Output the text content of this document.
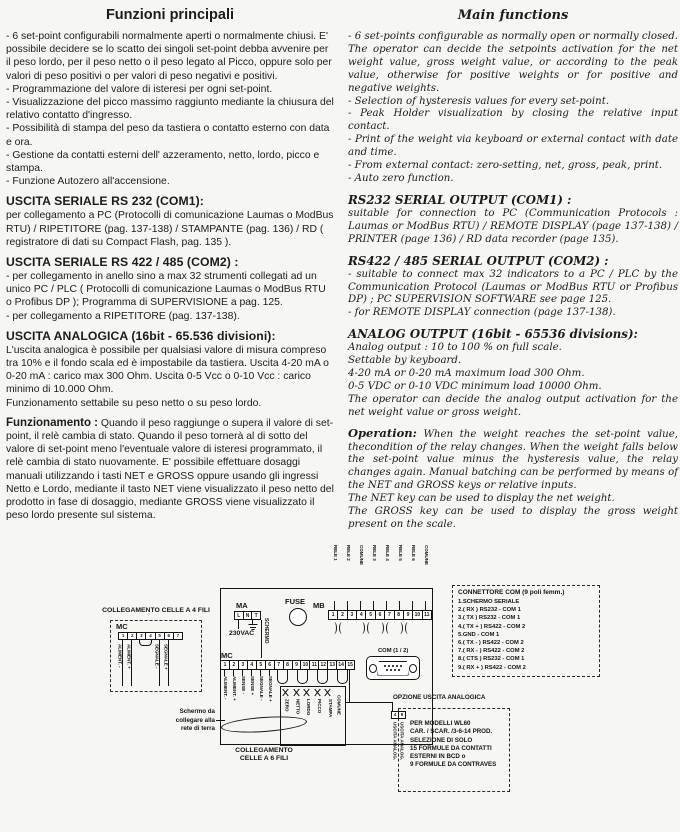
Funzioni principali

- 6 set-point configurabili normalmente aperti o normalmente chiusi. E' possibile decidere se lo scatto dei singoli set-point debba avvenire per il peso lordo, per il peso netto o il peso legato al Picco, oppure solo per valori di peso positivi o per valori di peso negativi e positivi.

- Programmazione del valore di isteresi per ogni set-point.

- Visualizzazione del picco massimo raggiunto mediante la chiusura del relativo contatto d'ingresso.

- Possibilità di stampa del peso da tastiera o contatto esterno con data e ora.

- Gestione da contatti esterni dell' azzeramento, netto, lordo, picco e stampa.

- Funzione Autozero all'accensione.

USCITA SERIALE RS 232 (COM1):

per collegamento a PC (Protocolli di comunicazione Laumas o ModBus RTU) / RIPETITORE (pag. 137-138) / STAMPANTE (pag. 136) / RD ( registratore di dati su Compact Flash, pag. 135 ).

USCITA SERIALE RS 422 / 485 (COM2) :

- per collegamento in anello sino a max 32 strumenti collegati ad un unico PC / PLC ( Protocolli di comunicazione Laumas o ModBus RTU o Profibus DP ); Programma di SUPERVISIONE a pag. 125.

- per collegamento a RIPETITORE (pag. 137-138).

USCITA ANALOGICA (16bit - 65.536 divisioni):

L'uscita analogica è possibile per qualsiasi valore di misura compreso tra 10% e il fondo scala ed è impostabile da tastiera. Uscita 4-20 mA o 0-20 mA : carico max 300 Ohm. Uscita 0-5 Vcc o 0-10 Vcc : carico minimo di 10.000 Ohm.

Funzionamento settabile su peso netto o su peso lordo.

Funzionamento : Quando il peso raggiunge o supera il valore di set-point, il relè cambia di stato. Quando il peso tornerà al di sotto del valore di set-point meno l'eventuale valore di isteresi programmato, il relè cambia di stato nuovamente. E' possibile effettuare dosaggi manuali utilizzando i tasti NET e GROSS oppure usando gli ingressi Netto e Lordo, mediante il tasto NET viene visualizzato il peso netto del prodotto in fase di dosaggio, mediante GROSS viene visualizzato il peso lordo presente sul sistema.

Main functions

- 6 set-points configurable as normally open or normally closed. The operator can decide the setpoints activation for the net weight value, gross weight value, or according to the peak value, otherwise for positive weights or for positive and negative weights.

- Selection of hysteresis values for every set-point.

- Peak Holder visualization by closing the relative input contact.

- Print of the weight via keyboard or external contact with date and time.

- From external contact: zero-setting, net, gross, peak, print.

- Auto zero function.

RS232 SERIAL OUTPUT (COM1) :

suitable for connection to PC (Communication Protocols : Laumas or ModBus RTU) / REMOTE DISPLAY (page 137-138) / PRINTER (page 136) / RD data recorder (page 135).

RS422 / 485 SERIAL OUTPUT (COM2) :

- suitable to connect max 32 indicators to a PC / PLC by the Communication Protocol (Laumas or ModBus RTU or Profibus DP) ; PC SUPERVISION SOFTWARE see page 125.

- for REMOTE DISPLAY connection (page 137-138).

ANALOG OUTPUT (16bit - 65536 divisions):

Analog output : 10 to 100 % on full scale.

Settable by keyboard.

4-20 mA or 0-20 mA maximum load 300 Ohm.

0-5 VDC or 0-10 VDC minimum load 10000 Ohm.

The operator can decide the analog output activation for the net weight value or gross weight.

Operation: When the weight reaches the set-point value, thecondition of the relay changes. When the weight falls below the set-point value minus the hysteresis value, the relay changes again. Manual batching can be performed by means of the NET and GROSS keys or relative inputs.

The NET key can be used to display the net weight.

The GROSS key can be used to display the gross weight present on the scale.

RELE 1 RELE 2 COMUNE RELE 3 RELE 4 RELE 5 RELE 6 COMUNE
MB
1	2	3	4	5	6	7	8	9	10 11
MA
L	N	T
230VAC SCHERMO
FUSE
MC
1	2	3	4	5	6	7	8	9 10 11 12 13 14 15
ALIMENT. - ALIMENT. + SENSE - SENSE + SEGNALE - SEGNALE +
ZERO NETTO LORDO PICCO STAMPA COMUNE
Schermo da
collegare alla
rete di terra
COLLEGAMENTO
CELLE A 6 FILI
COLLEGAMENTO CELLE A 4 FILI
MC
1	2	3	4	5	6	7
ALIMENT. - ALIMENT. +	SEGNALE - SEGNALE +	COM (1 / 2)
CONNETTORE COM (9 poli femm.)
1.SCHERMO SERIALE
2.( RX ) RS232 - COM 1
3.( TX ) RS232 - COM 1
4.( TX + ) RS422 - COM 2
5.GND - COM 1
6.( TX - ) RS422 - COM 2
7.( RX - ) RS422 - COM 2
8.( CTS ) RS232 - COM 1
9.( RX + ) RS422 - COM 2
OPZIONE USCITA ANALOGICA
4 9
USCITA ANALOG. USCITA ANALOG. PER MODELLI WL60
CAR. / SCAR. /3-6-14 PROD.
SELEZIONE DI SOLO
15 FORMULE DA CONTATTI
ESTERNI IN BCD o
9 FORMULE DA CONTRAVES
